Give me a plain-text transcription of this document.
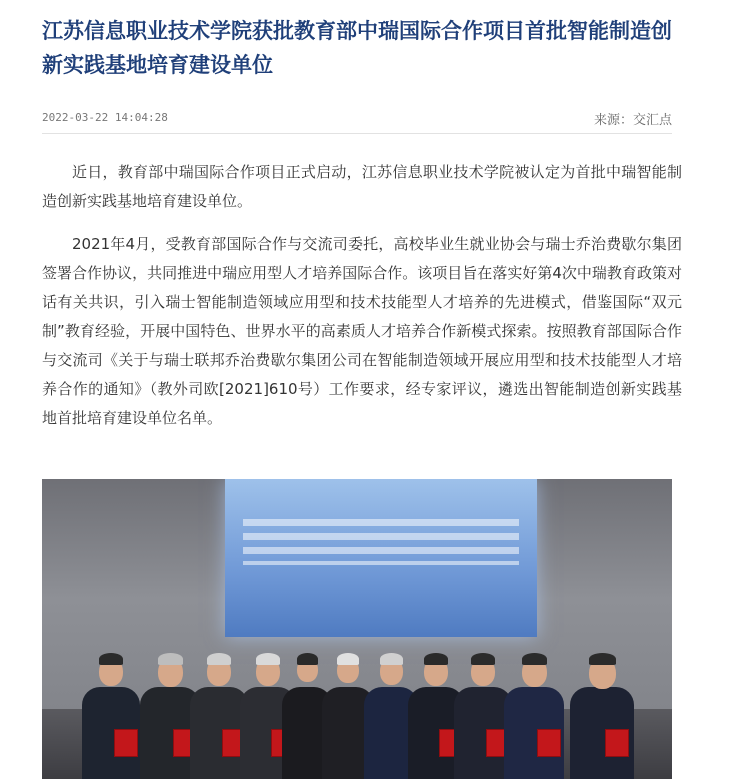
江苏信息职业技术学院获批教育部中瑞国际合作项目首批智能制造创新实践基地培育建设单位
2022-03-22 14:04:28	来源：交汇点

近日，教育部中瑞国际合作项目正式启动，江苏信息职业技术学院被认定为首批中瑞智能制造创新实践基地培育建设单位。

2021年4月，受教育部国际合作与交流司委托，高校毕业生就业协会与瑞士乔治费歇尔集团签署合作协议，共同推进中瑞应用型人才培养国际合作。该项目旨在落实好第4次中瑞教育政策对话有关共识，引入瑞士智能制造领域应用型和技术技能型人才培养的先进模式，借鉴国际“双元制”教育经验，开展中国特色、世界水平的高素质人才培养合作新模式探索。按照教育部国际合作与交流司《关于与瑞士联邦乔治费歇尔集团公司在智能制造领域开展应用型和技术技能型人才培养合作的通知》（教外司欧[2021]610号）工作要求，经专家评议，遴选出智能制造创新实践基地首批培育建设单位名单。
